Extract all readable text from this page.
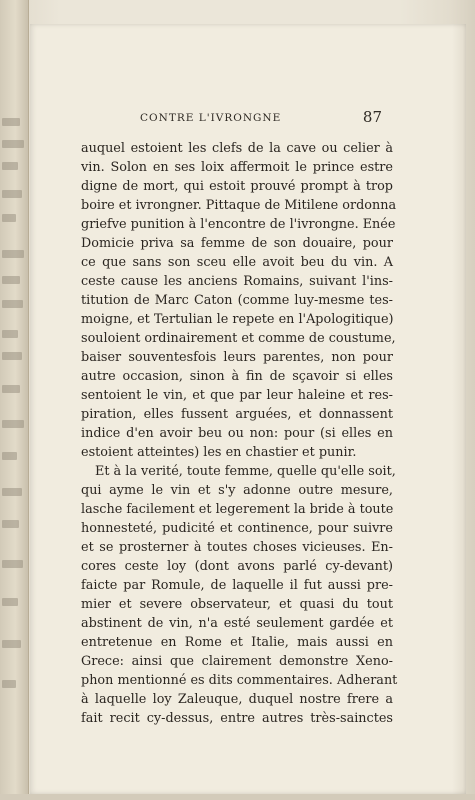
CONTRE L'IVRONGNE	87
auquel estoient les clefs de la cave ou celier à
vin. Solon en ses loix affermoit le prince estre
digne de mort, qui estoit prouvé prompt à trop
boire et ivrongner. Pittaque de Mitilene ordonna
griefve punition à l'encontre de l'ivrongne. Enée
Domicie priva sa femme de son douaire, pour
ce que sans son sceu elle avoit beu du vin. A
ceste cause les anciens Romains, suivant l'ins-
titution de Marc Caton (comme luy-mesme tes-
moigne, et Tertulian le repete en l'Apologitique)
souloient ordinairement et comme de coustume,
baiser souventesfois leurs parentes, non pour
autre occasion, sinon à fin de sçavoir si elles
sentoient le vin, et que par leur haleine et res-
piration, elles fussent arguées, et donnassent
indice d'en avoir beu ou non: pour (si elles en
estoient atteintes) les en chastier et punir.
Et à la verité, toute femme, quelle qu'elle soit,
qui ayme le vin et s'y adonne outre mesure,
lasche facilement et legerement la bride à toute
honnesteté, pudicité et continence, pour suivre
et se prosterner à toutes choses vicieuses. En-
cores ceste loy (dont avons parlé cy-devant)
faicte par Romule, de laquelle il fut aussi pre-
mier et severe observateur, et quasi du tout
abstinent de vin, n'a esté seulement gardée et
entretenue en Rome et Italie, mais aussi en
Grece: ainsi que clairement demonstre Xeno-
phon mentionné es dits commentaires. Adherant
à laquelle loy Zaleuque, duquel nostre frere a
fait recit cy-dessus, entre autres très-sainctes
